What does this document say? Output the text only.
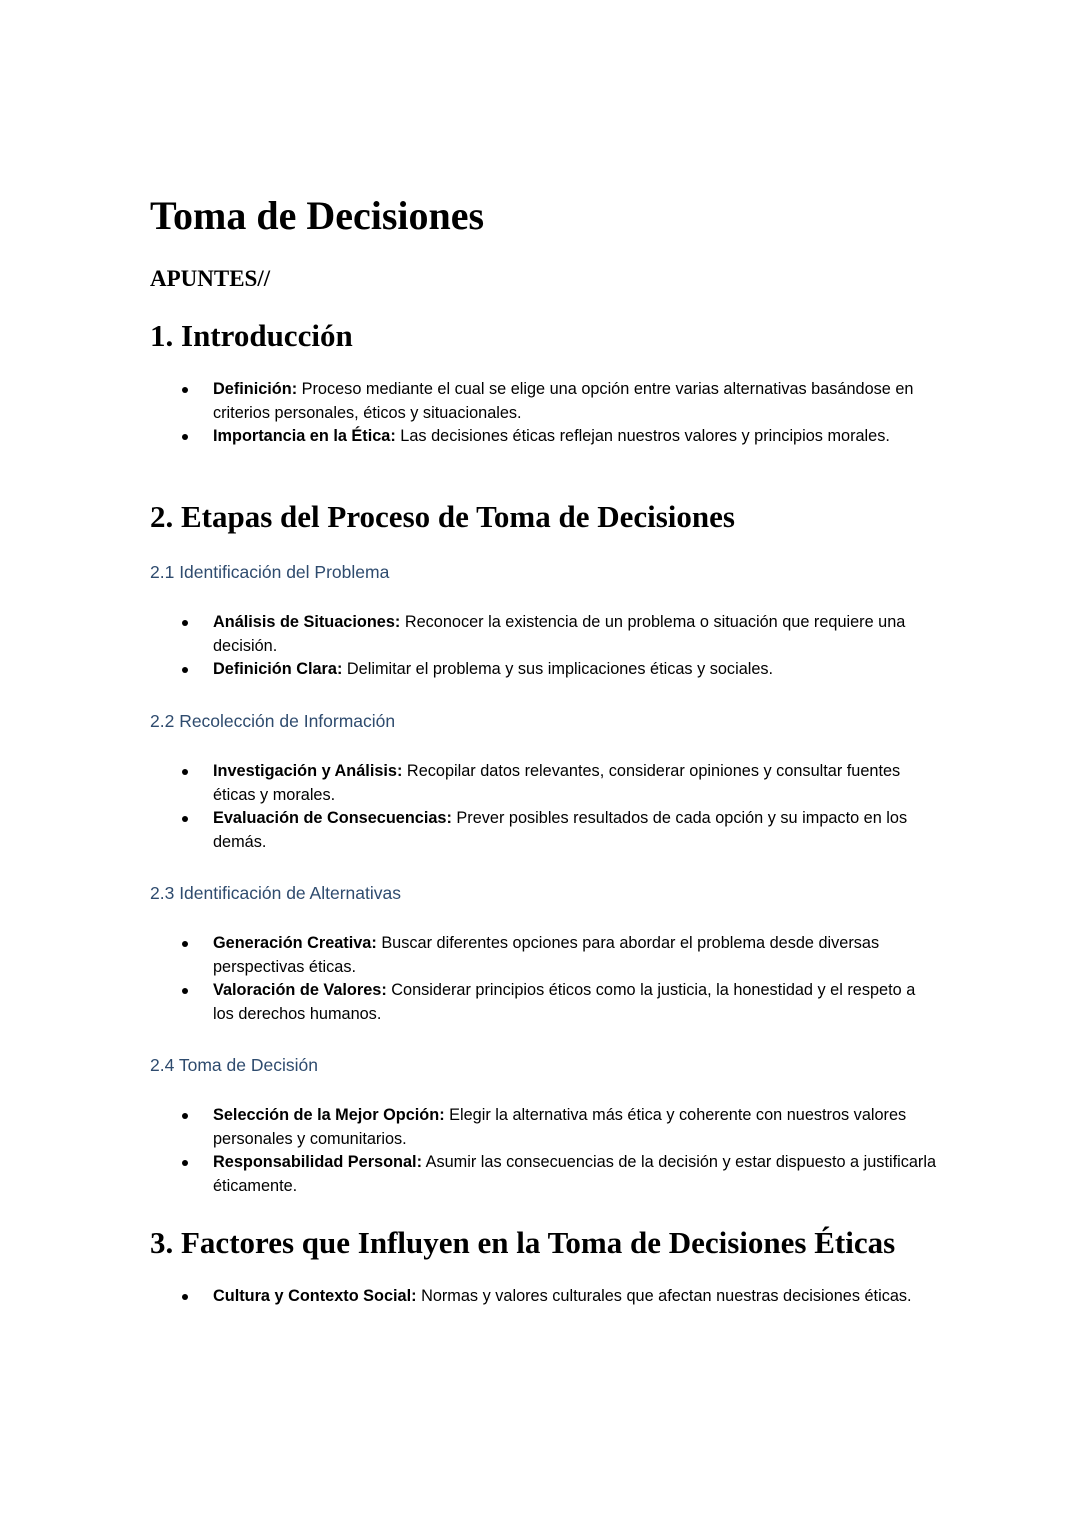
Toma de Decisiones
APUNTES//
1. Introducción
Definición: Proceso mediante el cual se elige una opción entre varias alternativas basándose en criterios personales, éticos y situacionales.
Importancia en la Ética: Las decisiones éticas reflejan nuestros valores y principios morales.
2. Etapas del Proceso de Toma de Decisiones
2.1 Identificación del Problema
Análisis de Situaciones: Reconocer la existencia de un problema o situación que requiere una decisión.
Definición Clara: Delimitar el problema y sus implicaciones éticas y sociales.
2.2 Recolección de Información
Investigación y Análisis: Recopilar datos relevantes, considerar opiniones y consultar fuentes éticas y morales.
Evaluación de Consecuencias: Prever posibles resultados de cada opción y su impacto en los demás.
2.3 Identificación de Alternativas
Generación Creativa: Buscar diferentes opciones para abordar el problema desde diversas perspectivas éticas.
Valoración de Valores: Considerar principios éticos como la justicia, la honestidad y el respeto a los derechos humanos.
2.4 Toma de Decisión
Selección de la Mejor Opción: Elegir la alternativa más ética y coherente con nuestros valores personales y comunitarios.
Responsabilidad Personal: Asumir las consecuencias de la decisión y estar dispuesto a justificarla éticamente.
3. Factores que Influyen en la Toma de Decisiones Éticas
Cultura y Contexto Social: Normas y valores culturales que afectan nuestras decisiones éticas.
